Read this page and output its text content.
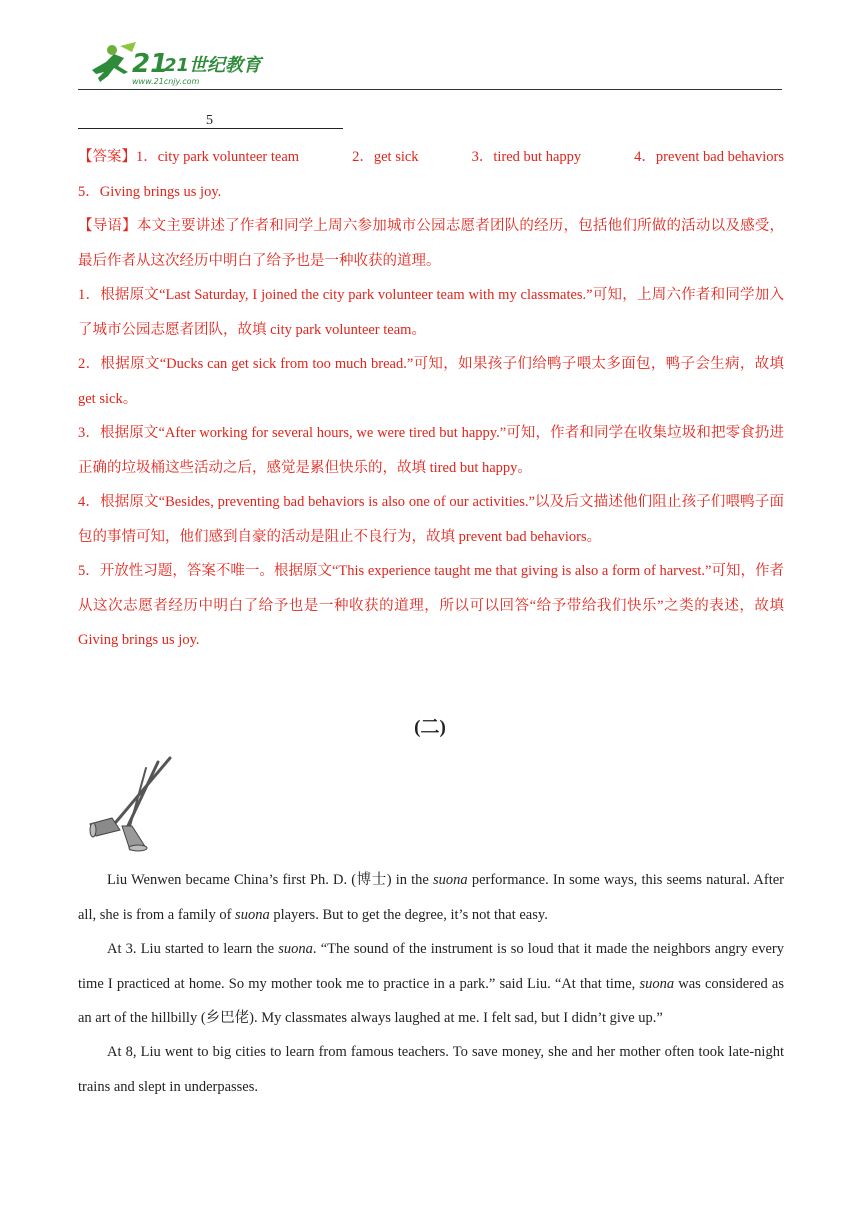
21
21世纪教育
www.21cnjy.com
5
【答案】1．city park volunteer team	2．get sick	3．tired but happy	4．prevent bad behaviors
5．Giving brings us joy.
【导语】本文主要讲述了作者和同学上周六参加城市公园志愿者团队的经历，包括他们所做的活动以及感受，最后作者从这次经历中明白了给予也是一种收获的道理。
1．根据原文“Last Saturday, I joined the city park volunteer team with my classmates.”可知，上周六作者和同学加入了城市公园志愿者团队，故填 city park volunteer team。
2．根据原文“Ducks can get sick from too much bread.”可知，如果孩子们给鸭子喂太多面包，鸭子会生病，故填 get sick。
3．根据原文“After working for several hours, we were tired but happy.”可知，作者和同学在收集垃圾和把零食扔进正确的垃圾桶这些活动之后，感觉是累但快乐的，故填 tired but happy。
4．根据原文“Besides, preventing bad behaviors is also one of our activities.”以及后文描述他们阻止孩子们喂鸭子面包的事情可知，他们感到自豪的活动是阻止不良行为，故填 prevent bad behaviors。
5．开放性习题，答案不唯一。根据原文“This experience taught me that giving is also a form of harvest.”可知，作者从这次志愿者经历中明白了给予也是一种收获的道理，所以可以回答“给予带给我们快乐”之类的表述，故填 Giving brings us joy.
(二)

Liu Wenwen became China’s first Ph. D. (博士) in the suona performance. In some ways, this seems natural. After all, she is from a family of suona players. But to get the degree, it’s not that easy.

At 3. Liu started to learn the suona. “The sound of the instrument is so loud that it made the neighbors angry every time I practiced at home. So my mother took me to practice in a park.” said Liu. “At that time, suona was considered as an art of the hillbilly (乡巴佬). My classmates always laughed at me. I felt sad, but I didn’t give up.”

At 8, Liu went to big cities to learn from famous teachers. To save money, she and her mother often took late-night trains and slept in underpasses.
